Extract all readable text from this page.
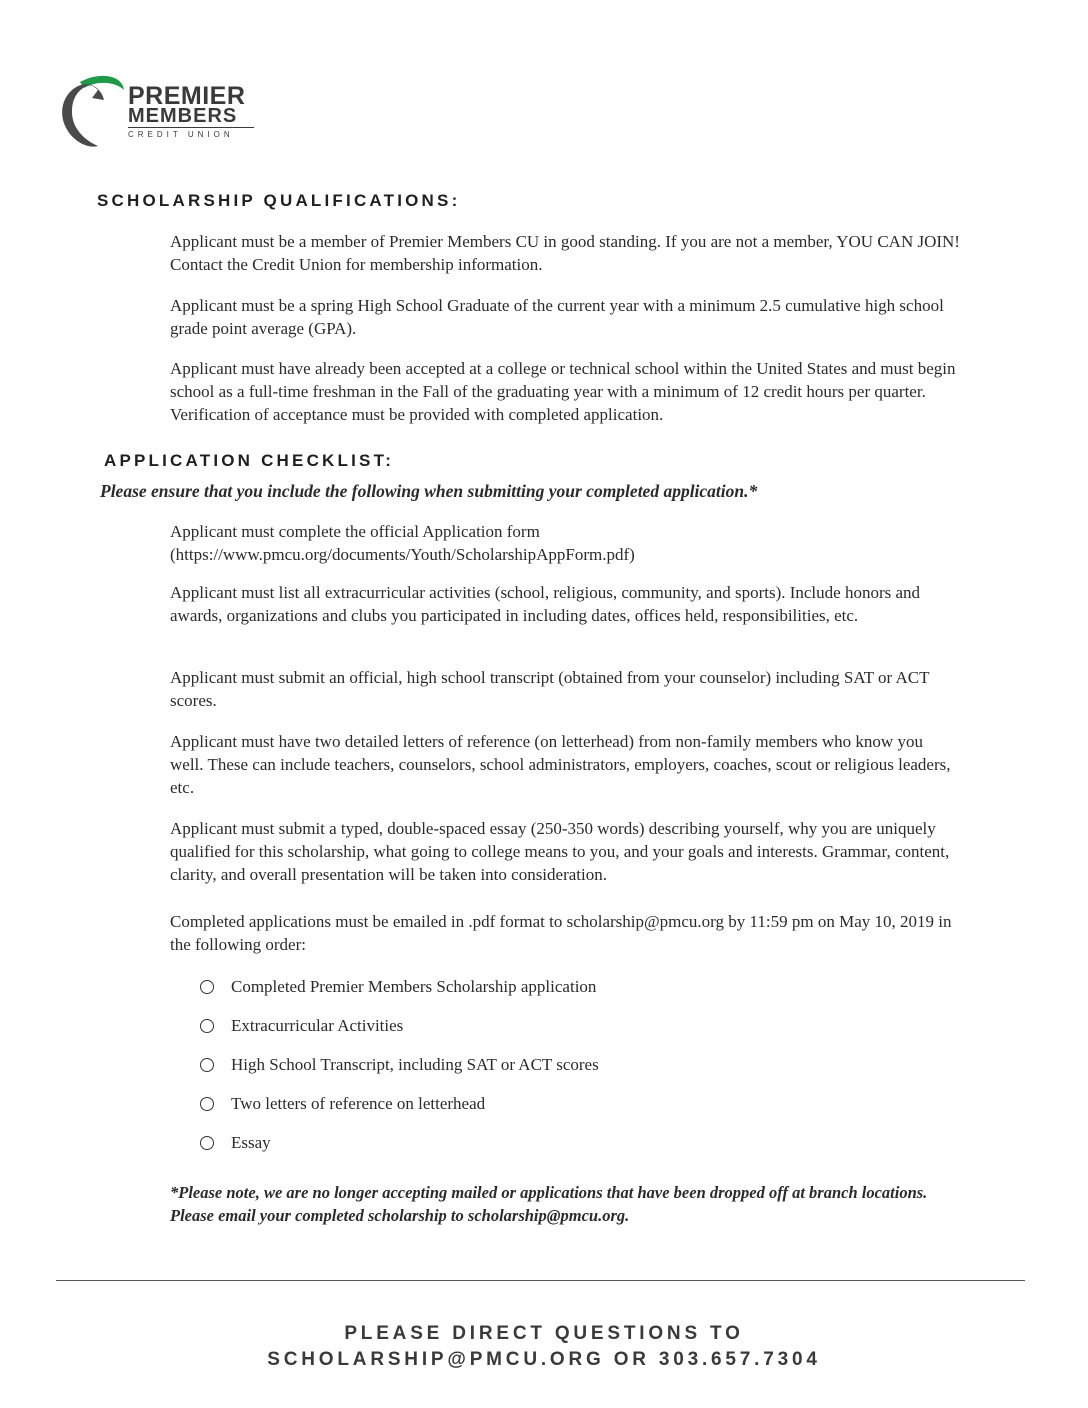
PREMIER
MEMBERS
CREDIT UNION
SCHOLARSHIP QUALIFICATIONS:

Applicant must be a member of Premier Members CU in good standing. If you are not a member, YOU CAN JOIN! Contact the Credit Union for membership information.

Applicant must be a spring High School Graduate of the current year with a minimum 2.5 cumulative high school grade point average (GPA).

Applicant must have already been accepted at a college or technical school within the United States and must begin school as a full-time freshman in the Fall of the graduating year with a minimum of 12 credit hours per quarter. Verification of acceptance must be provided with completed application.

APPLICATION CHECKLIST:

Please ensure that you include the following when submitting your completed application.*

Applicant must complete the official Application form (https://www.pmcu.org/documents/Youth/ScholarshipAppForm.pdf)

Applicant must list all extracurricular activities (school, religious, community, and sports). Include honors and awards, organizations and clubs you participated in including dates, offices held, responsibilities, etc.

Applicant must submit an official, high school transcript (obtained from your counselor) including SAT or ACT scores.

Applicant must have two detailed letters of reference (on letterhead) from non-family members who know you well. These can include teachers, counselors, school administrators, employers, coaches, scout or religious leaders, etc.

Applicant must submit a typed, double-spaced essay (250-350 words) describing yourself, why you are uniquely qualified for this scholarship, what going to college means to you, and your goals and interests. Grammar, content, clarity, and overall presentation will be taken into consideration.

Completed applications must be emailed in .pdf format to scholarship@pmcu.org by 11:59 pm on May 10, 2019 in the following order:

Completed Premier Members Scholarship application
Extracurricular Activities
High School Transcript, including SAT or ACT scores
Two letters of reference on letterhead
Essay

*Please note, we are no longer accepting mailed or applications that have been dropped off at branch locations. Please email your completed scholarship to scholarship@pmcu.org.

PLEASE DIRECT QUESTIONS TO

SCHOLARSHIP@PMCU.ORG OR 303.657.7304
